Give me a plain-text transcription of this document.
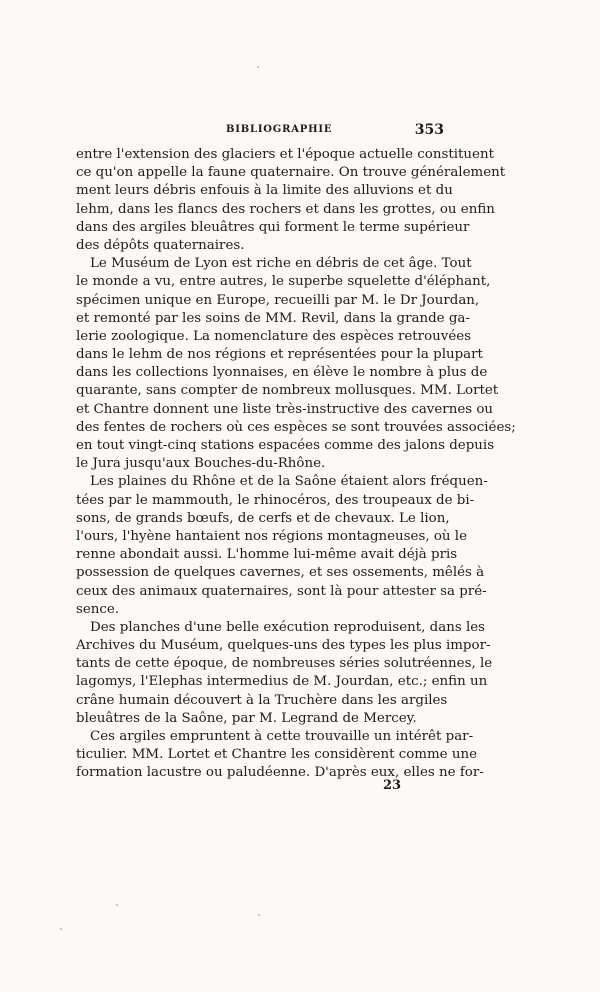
BIBLIOGRAPHIE	353
entre l'extension des glaciers et l'époque actuelle constituent
ce qu'on appelle la faune quaternaire. On trouve généralement
ment leurs débris enfouis à la limite des alluvions et du
lehm, dans les flancs des rochers et dans les grottes, ou enfin
dans des argiles bleuâtres qui forment le terme supérieur
des dépôts quaternaires.
Le Muséum de Lyon est riche en débris de cet âge. Tout
le monde a vu, entre autres, le superbe squelette d'éléphant,
spécimen unique en Europe, recueilli par M. le Dr Jourdan,
et remonté par les soins de MM. Revil, dans la grande ga-
lerie zoologique. La nomenclature des espèces retrouvées
dans le lehm de nos régions et représentées pour la plupart
dans les collections lyonnaises, en élève le nombre à plus de
quarante, sans compter de nombreux mollusques. MM. Lortet
et Chantre donnent une liste très-instructive des cavernes ou
des fentes de rochers où ces espèces se sont trouvées associées;
en tout vingt-cinq stations espacées comme des jalons depuis
le Jura jusqu'aux Bouches-du-Rhône.
Les plaines du Rhône et de la Saône étaient alors fréquen-
tées par le mammouth, le rhinocéros, des troupeaux de bi-
sons, de grands bœufs, de cerfs et de chevaux. Le lion,
l'ours, l'hyène hantaient nos régions montagneuses, où le
renne abondait aussi. L'homme lui-même avait déjà pris
possession de quelques cavernes, et ses ossements, mêlés à
ceux des animaux quaternaires, sont là pour attester sa pré-
sence.
Des planches d'une belle exécution reproduisent, dans les
Archives du Muséum, quelques-uns des types les plus impor-
tants de cette époque, de nombreuses séries solutréennes, le
lagomys, l'Elephas intermedius de M. Jourdan, etc.; enfin un
crâne humain découvert à la Truchère dans les argiles
bleuâtres de la Saône, par M. Legrand de Mercey.
Ces argiles empruntent à cette trouvaille un intérêt par-
ticulier. MM. Lortet et Chantre les considèrent comme une
formation lacustre ou paludéenne. D'après eux, elles ne for-
23
